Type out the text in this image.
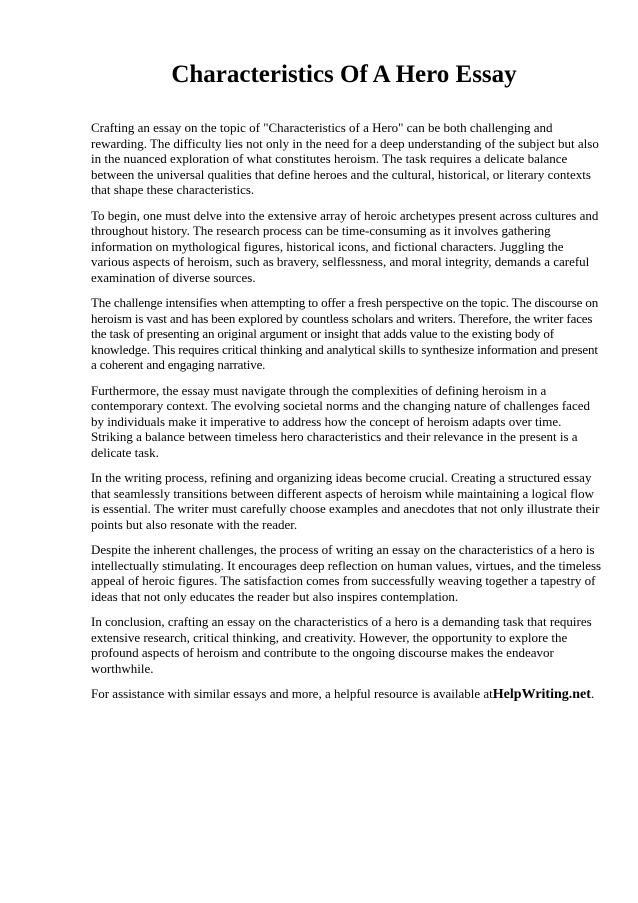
Characteristics Of A Hero Essay

Crafting an essay on the topic of "Characteristics of a Hero" can be both challenging and rewarding. The difficulty lies not only in the need for a deep understanding of the subject but also in the nuanced exploration of what constitutes heroism. The task requires a delicate balance between the universal qualities that define heroes and the cultural, historical, or literary contexts that shape these characteristics.

To begin, one must delve into the extensive array of heroic archetypes present across cultures and throughout history. The research process can be time-consuming as it involves gathering information on mythological figures, historical icons, and fictional characters. Juggling the various aspects of heroism, such as bravery, selflessness, and moral integrity, demands a careful examination of diverse sources.

The challenge intensifies when attempting to offer a fresh perspective on the topic. The discourse on heroism is vast and has been explored by countless scholars and writers. Therefore, the writer faces the task of presenting an original argument or insight that adds value to the existing body of knowledge. This requires critical thinking and analytical skills to synthesize information and present a coherent and engaging narrative.

Furthermore, the essay must navigate through the complexities of defining heroism in a contemporary context. The evolving societal norms and the changing nature of challenges faced by individuals make it imperative to address how the concept of heroism adapts over time. Striking a balance between timeless hero characteristics and their relevance in the present is a delicate task.

In the writing process, refining and organizing ideas become crucial. Creating a structured essay that seamlessly transitions between different aspects of heroism while maintaining a logical flow is essential. The writer must carefully choose examples and anecdotes that not only illustrate their points but also resonate with the reader.

Despite the inherent challenges, the process of writing an essay on the characteristics of a hero is intellectually stimulating. It encourages deep reflection on human values, virtues, and the timeless appeal of heroic figures. The satisfaction comes from successfully weaving together a tapestry of ideas that not only educates the reader but also inspires contemplation.

In conclusion, crafting an essay on the characteristics of a hero is a demanding task that requires extensive research, critical thinking, and creativity. However, the opportunity to explore the profound aspects of heroism and contribute to the ongoing discourse makes the endeavor worthwhile.

For assistance with similar essays and more, a helpful resource is available atHelpWriting.net.
